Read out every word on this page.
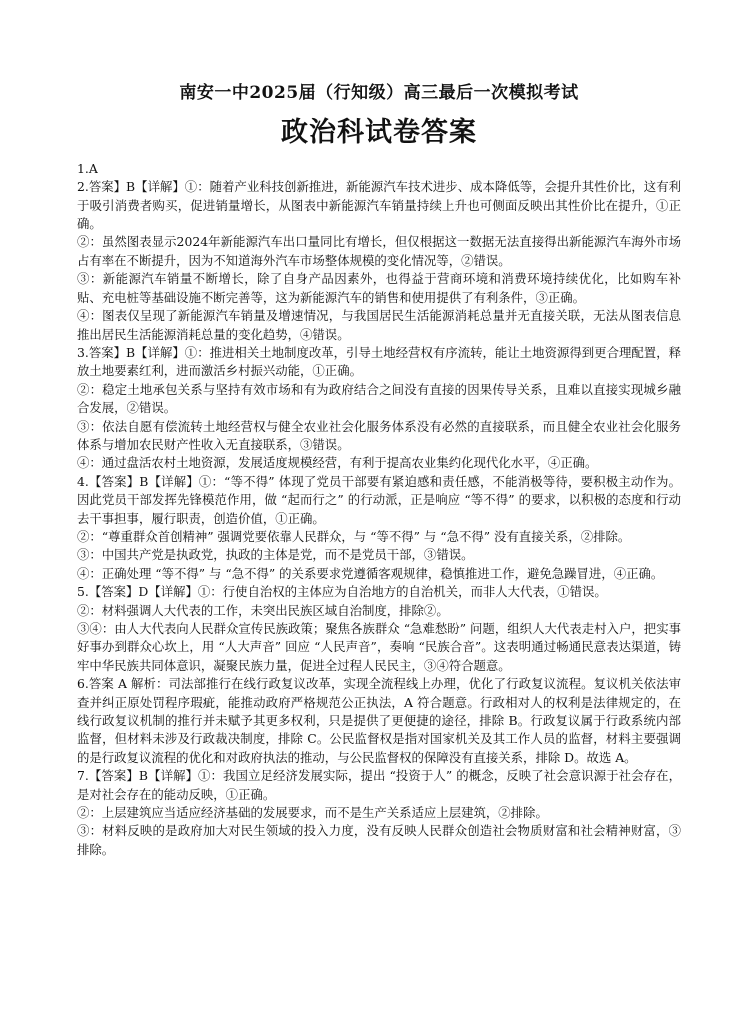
南安一中2025届（行知级）高三最后一次模拟考试
政治科试卷答案

1.A

2.答案】B【详解】①：随着产业科技创新推进，新能源汽车技术进步、成本降低等，会提升其性价比，这有利于吸引消费者购买，促进销量增长，从图表中新能源汽车销量持续上升也可侧面反映出其性价比在提升，①正确。

②：虽然图表显示2024年新能源汽车出口量同比有增长，但仅根据这一数据无法直接得出新能源汽车海外市场占有率在不断提升，因为不知道海外汽车市场整体规模的变化情况等，②错误。

③：新能源汽车销量不断增长，除了自身产品因素外，也得益于营商环境和消费环境持续优化，比如购车补贴、充电桩等基础设施不断完善等，这为新能源汽车的销售和使用提供了有利条件，③正确。

④：图表仅呈现了新能源汽车销量及增速情况，与我国居民生活能源消耗总量并无直接关联，无法从图表信息推出居民生活能源消耗总量的变化趋势，④错误。

3.答案】B【详解】①：推进相关土地制度改革，引导土地经营权有序流转，能让土地资源得到更合理配置，释放土地要素红利，进而激活乡村振兴动能，①正确。

②：稳定土地承包关系与坚持有效市场和有为政府结合之间没有直接的因果传导关系，且难以直接实现城乡融合发展，②错误。

③：依法自愿有偿流转土地经营权与健全农业社会化服务体系没有必然的直接联系，而且健全农业社会化服务体系与增加农民财产性收入无直接联系，③错误。

④：通过盘活农村土地资源，发展适度规模经营，有利于提高农业集约化现代化水平，④正确。

4.【答案】B【详解】①：“等不得” 体现了党员干部要有紧迫感和责任感，不能消极等待，要积极主动作为。因此党员干部发挥先锋模范作用，做 “起而行之” 的行动派，正是响应 “等不得” 的要求，以积极的态度和行动去干事担事，履行职责，创造价值，①正确。

②：“尊重群众首创精神” 强调党要依靠人民群众，与 “等不得” 与 “急不得” 没有直接关系，②排除。

③：中国共产党是执政党，执政的主体是党，而不是党员干部，③错误。

④：正确处理 “等不得” 与 “急不得” 的关系要求党遵循客观规律，稳慎推进工作，避免急躁冒进，④正确。

5.【答案】D【详解】①：行使自治权的主体应为自治地方的自治机关，而非人大代表，①错误。

②：材料强调人大代表的工作，未突出民族区域自治制度，排除②。

③④：由人大代表向人民群众宣传民族政策；聚焦各族群众 “急难愁盼” 问题，组织人大代表走村入户，把实事好事办到群众心坎上，用 “人大声音” 回应 “人民声音”，奏响 “民族合音”。这表明通过畅通民意表达渠道，铸牢中华民族共同体意识，凝聚民族力量，促进全过程人民民主，③④符合题意。

6.答案 A 解析：司法部推行在线行政复议改革，实现全流程线上办理，优化了行政复议流程。复议机关依法审查并纠正原处罚程序瑕疵，能推动政府严格规范公正执法，A 符合题意。行政相对人的权利是法律规定的，在线行政复议机制的推行并未赋予其更多权利，只是提供了更便捷的途径，排除 B。行政复议属于行政系统内部监督，但材料未涉及行政裁决制度，排除 C。公民监督权是指对国家机关及其工作人员的监督，材料主要强调的是行政复议流程的优化和对政府执法的推动，与公民监督权的保障没有直接关系，排除 D。故选 A。

7.【答案】B【详解】①：我国立足经济发展实际，提出 “投资于人” 的概念，反映了社会意识源于社会存在，是对社会存在的能动反映，①正确。

②：上层建筑应当适应经济基础的发展要求，而不是生产关系适应上层建筑，②排除。

③：材料反映的是政府加大对民生领域的投入力度，没有反映人民群众创造社会物质财富和社会精神财富，③排除。
